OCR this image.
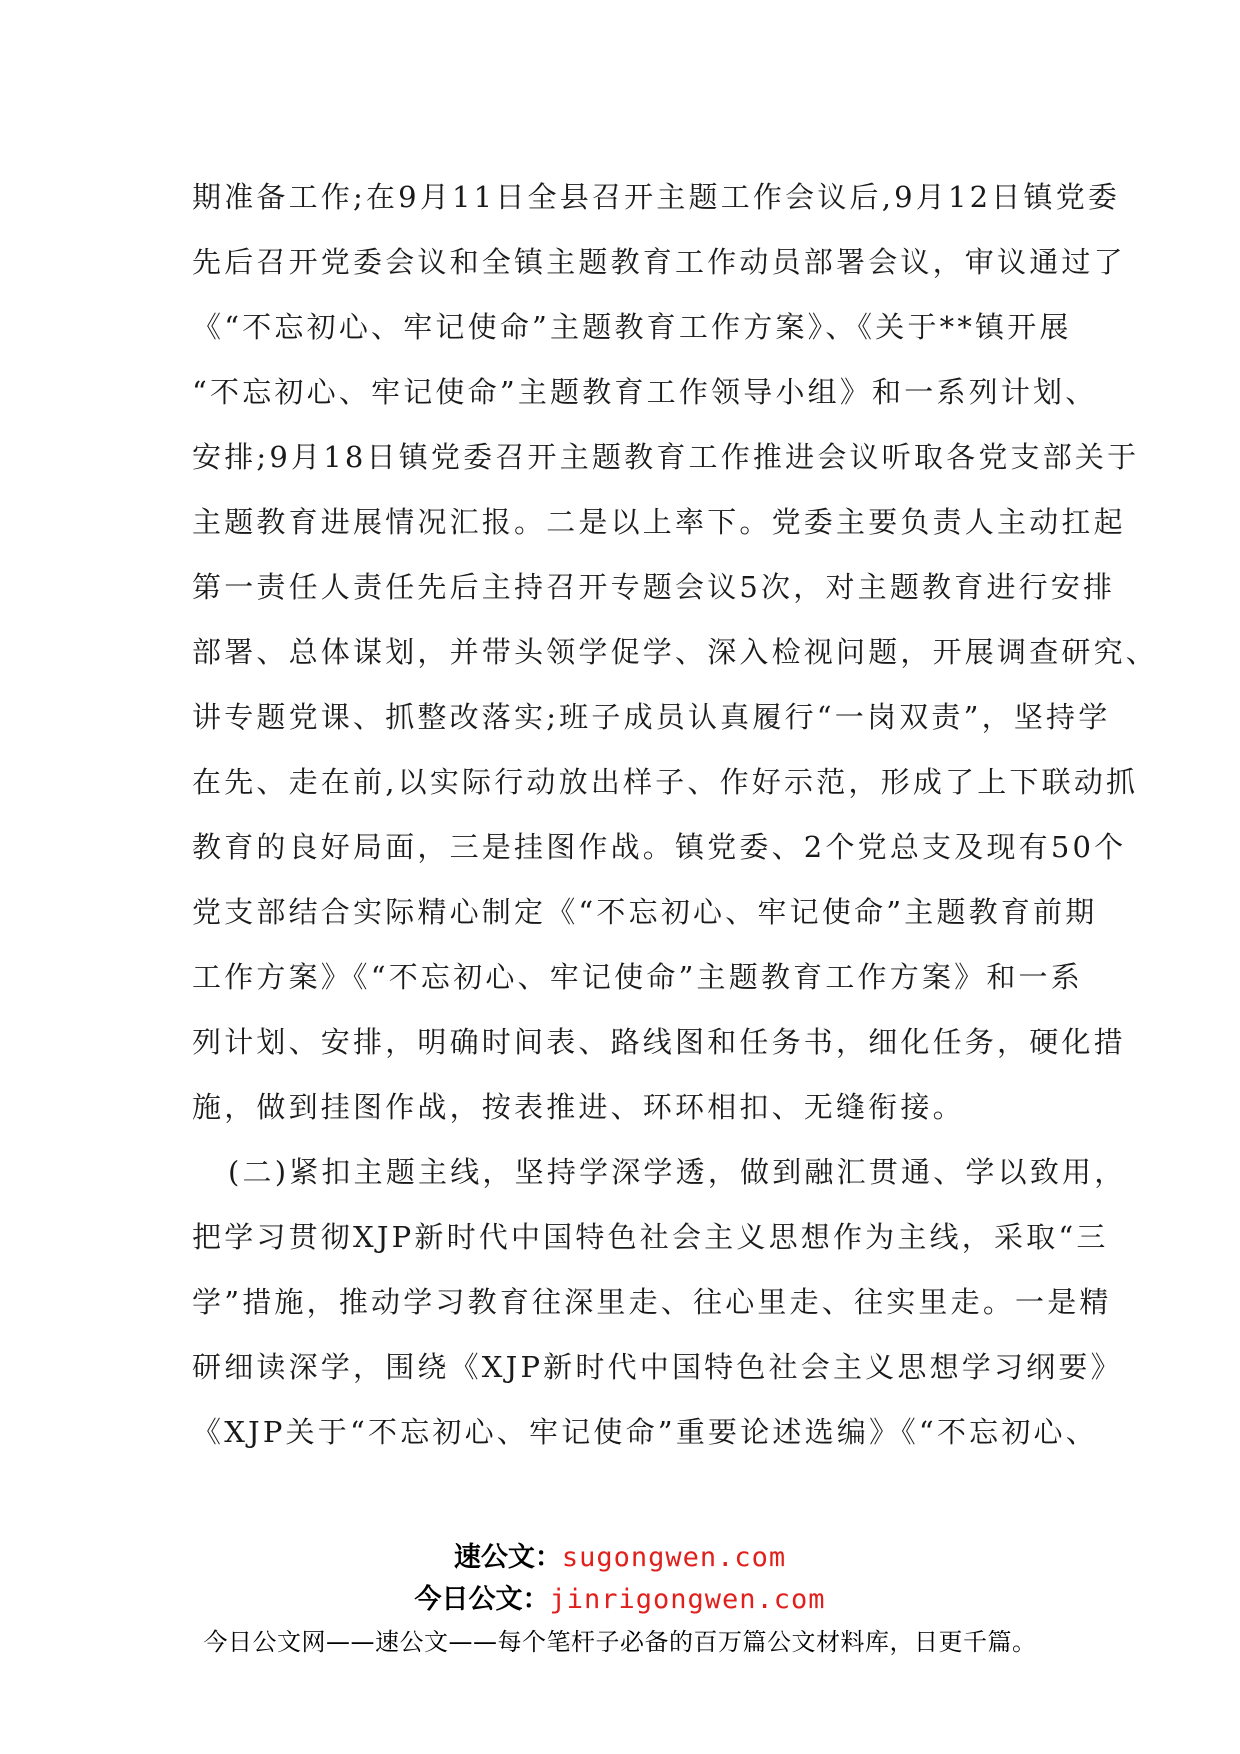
期准备工作;在9月11日全县召开主题工作会议后,9月12日镇党委
先后召开党委会议和全镇主题教育工作动员部署会议，审议通过了
《“不忘初心、牢记使命”主题教育工作方案》、《关于**镇开展
“不忘初心、牢记使命”主题教育工作领导小组》和一系列计划、
安排;9月18日镇党委召开主题教育工作推进会议听取各党支部关于
主题教育进展情况汇报。二是以上率下。党委主要负责人主动扛起
第一责任人责任先后主持召开专题会议5次，对主题教育进行安排
部署、总体谋划，并带头领学促学、深入检视问题，开展调查研究、
讲专题党课、抓整改落实;班子成员认真履行“一岗双责”，坚持学
在先、走在前,以实际行动放出样子、作好示范，形成了上下联动抓
教育的良好局面，三是挂图作战。镇党委、2个党总支及现有50个
党支部结合实际精心制定《“不忘初心、牢记使命”主题教育前期
工作方案》《“不忘初心、牢记使命”主题教育工作方案》和一系
列计划、安排，明确时间表、路线图和任务书，细化任务，硬化措
施，做到挂图作战，按表推进、环环相扣、无缝衔接。
(二)紧扣主题主线，坚持学深学透，做到融汇贯通、学以致用，
把学习贯彻XJP新时代中国特色社会主义思想作为主线，采取“三
学”措施，推动学习教育往深里走、往心里走、往实里走。一是精
研细读深学，围绕《XJP新时代中国特色社会主义思想学习纲要》
《XJP关于“不忘初心、牢记使命”重要论述选编》《“不忘初心、
速公文：sugongwen.com
今日公文：jinrigongwen.com
今日公文网——速公文——每个笔杆子必备的百万篇公文材料库，日更千篇。
